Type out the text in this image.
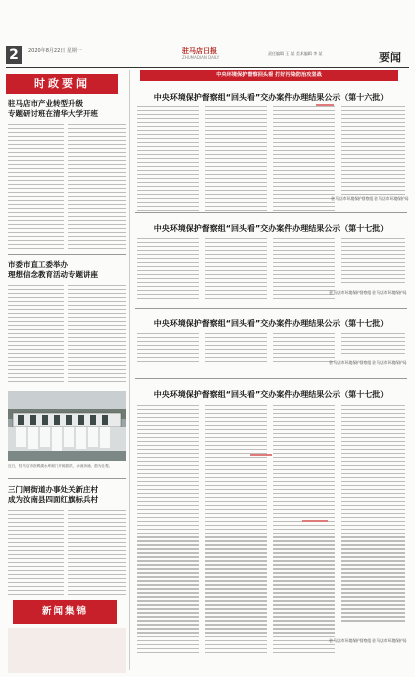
2	2020年8月22日 星期一	驻马店日报
ZHUMADIAN DAILY
责任编辑 王 某 美术编辑 李 某	要闻
时政要闻
驻马店市产业转型升级
专题研讨班在清华大学开班
市委市直工委举办
理想信念教育活动专题讲座
近日，驻马店市宿鸭湖水库闸门开闸泄洪，水流奔涌，蔚为壮观。
三门闸街道办事处关新庄村
成为汝南县四面红旗标兵村
新闻集锦
中央环境保护督察回头看 打好污染防治攻坚战
中央环境保护督察组“回头看”交办案件办理结果公示（第十六批）
驻马店市环境保护督察组 驻马店市环境保护局
中央环境保护督察组“回头看”交办案件办理结果公示（第十七批）
驻马店市环境保护督察组 驻马店市环境保护局
中央环境保护督察组“回头看”交办案件办理结果公示（第十七批）
驻马店市环境保护督察组 驻马店市环境保护局
中央环境保护督察组“回头看”交办案件办理结果公示（第十七批）
驻马店市环境保护督察组 驻马店市环境保护局
